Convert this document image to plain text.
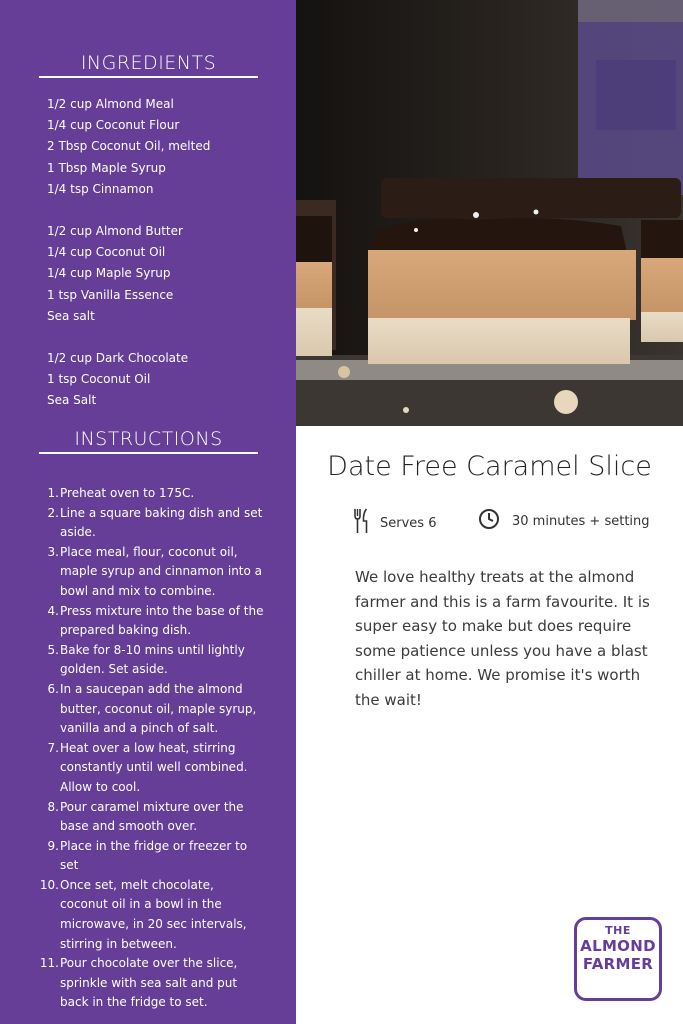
INGREDIENTS
1/2 cup Almond Meal
1/4 cup Coconut Flour
2 Tbsp Coconut Oil, melted
1 Tbsp Maple Syrup
1/4 tsp Cinnamon
1/2 cup Almond Butter
1/4 cup Coconut Oil
1/4 cup Maple Syrup
1 tsp Vanilla Essence
Sea salt
1/2 cup Dark Chocolate
1 tsp Coconut Oil
Sea Salt
INSTRUCTIONS
1. Preheat oven to 175C.
2. Line a square baking dish and set aside.
3. Place meal, flour, coconut oil, maple syrup and cinnamon into a bowl and mix to combine.
4. Press mixture into the base of the prepared baking dish.
5. Bake for 8-10 mins until lightly golden. Set aside.
6. In a saucepan add the almond butter, coconut oil, maple syrup, vanilla and a pinch of salt.
7. Heat over a low heat, stirring constantly until well combined. Allow to cool.
8. Pour caramel mixture over the base and smooth over.
9. Place in the fridge or freezer to set
10. Once set, melt chocolate, coconut oil in a bowl in the microwave, in 20 sec intervals, stirring in between.
11. Pour chocolate over the slice, sprinkle with sea salt and put back in the fridge to set.
Date Free Caramel Slice
Serves 6	30 minutes + setting

We love healthy treats at the almond farmer and this is a farm favourite. It is super easy to make but does require some patience unless you have a blast chiller at home. We promise it's worth the wait!

THE
ALMOND
FARMER
